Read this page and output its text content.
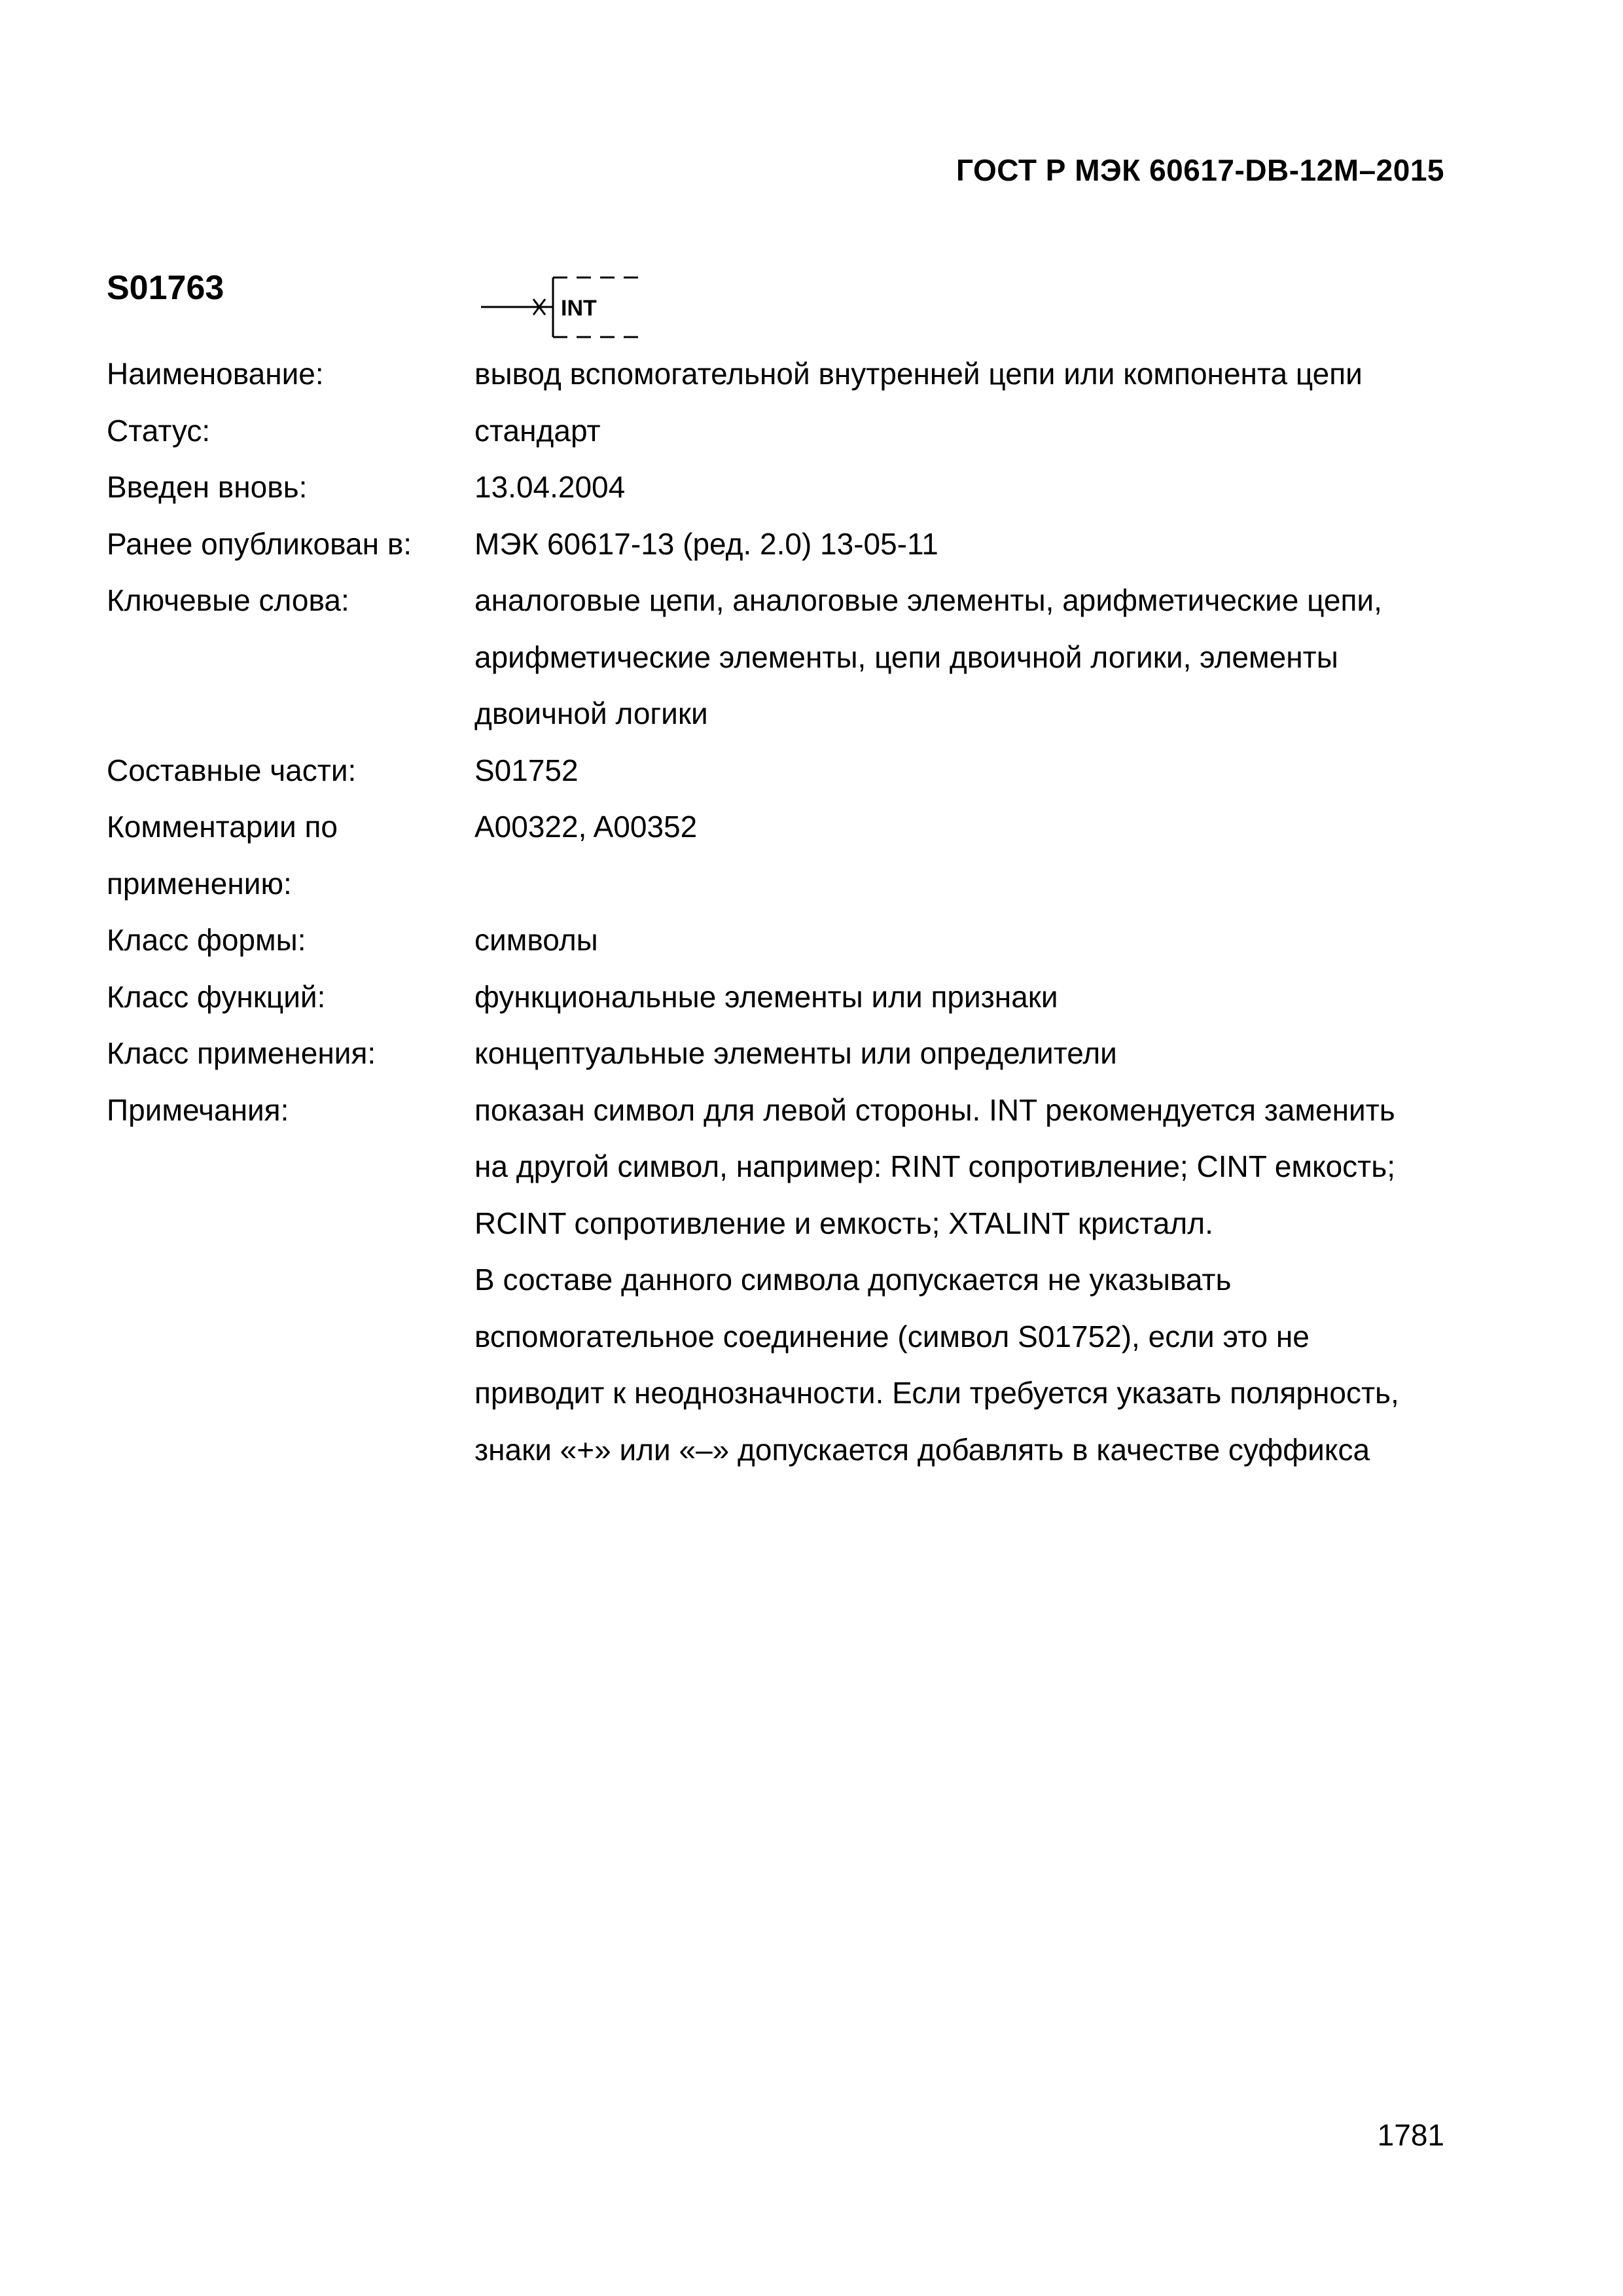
ГОСТ Р МЭК 60617-DB-12M–2015
S01763
INT
Наименование:	вывод вспомогательной внутренней цепи или компонента цепи
Статус:	стандарт
Введен вновь:	13.04.2004
Ранее опубликован в:	МЭК 60617-13 (ред. 2.0) 13-05-11
Ключевые слова:	аналоговые цепи, аналоговые элементы, арифметические цепи, арифметические элементы, цепи двоичной логики, элементы двоичной логики
Составные части:	S01752
Комментарии по применению:
A00322, A00352
Класс формы:	символы
Класс функций:	функциональные элементы или признаки
Класс применения:	концептуальные элементы или определители
Примечания:	показан символ для левой стороны. INT рекомендуется заменить на другой символ, например: RINT сопротивление; CINT емкость; RCINT сопротивление и емкость; XTALINT кристалл.

В составе данного символа допускается не указывать вспомогательное соединение (символ S01752), если это не приводит к неоднозначности. Если требуется указать полярность, знаки «+» или «–» допускается добавлять в качестве суффикса

1781
